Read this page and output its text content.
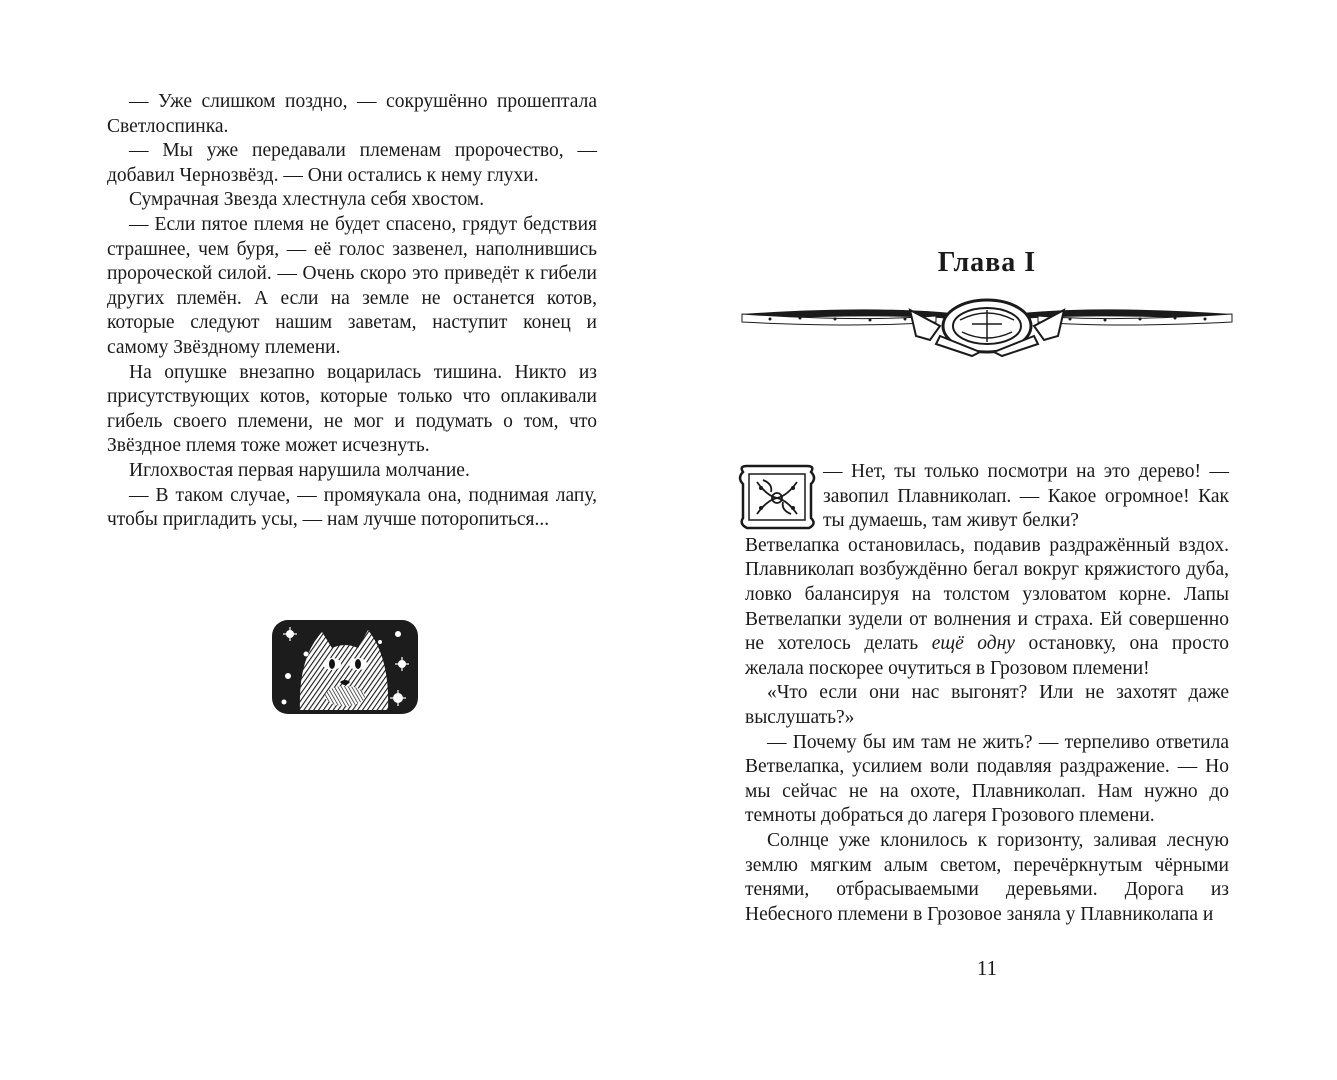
— Уже слишком поздно, — сокрушённо прошептала Светлоспинка.

— Мы уже передавали племенам пророчество, — добавил Чернозвёзд. — Они остались к нему глухи.

Сумрачная Звезда хлестнула себя хвостом.

— Если пятое племя не будет спасено, грядут бедствия страшнее, чем буря, — её голос зазвенел, наполнившись пророческой силой. — Очень скоро это приведёт к гибели других племён. А если на земле не останется котов, которые следуют нашим заветам, наступит конец и самому Звёздному племени.

На опушке внезапно воцарилась тишина. Никто из присутствующих котов, которые только что оплакивали гибель своего племени, не мог и подумать о том, что Звёздное племя тоже может исчезнуть.

Иглохвостая первая нарушила молчание.

— В таком случае, — промяукала она, поднимая лапу, чтобы пригладить усы, — нам лучше поторопиться...

Глава I

— Нет, ты только посмотри на это дерево! — завопил Плавниколап. — Какое огромное! Как ты думаешь, там живут белки?

Ветвелапка остановилась, подавив раздражённый вздох. Плавниколап возбуждённо бегал вокруг кряжистого дуба, ловко балансируя на толстом узловатом корне. Лапы Ветвелапки зудели от волнения и страха. Ей совершенно не хотелось делать ещё одну остановку, она просто желала поскорее очутиться в Грозовом племени!

«Что если они нас выгонят? Или не захотят даже выслушать?»

— Почему бы им там не жить? — терпеливо ответила Ветвелапка, усилием воли подавляя раздражение. — Но мы сейчас не на охоте, Плавниколап. Нам нужно до темноты добраться до лагеря Грозового племени.

Солнце уже клонилось к горизонту, заливая лесную землю мягким алым светом, перечёркнутым чёрными тенями, отбрасываемыми деревьями. Дорога из Небесного племени в Грозовое заняла у Плавниколапа и

11
